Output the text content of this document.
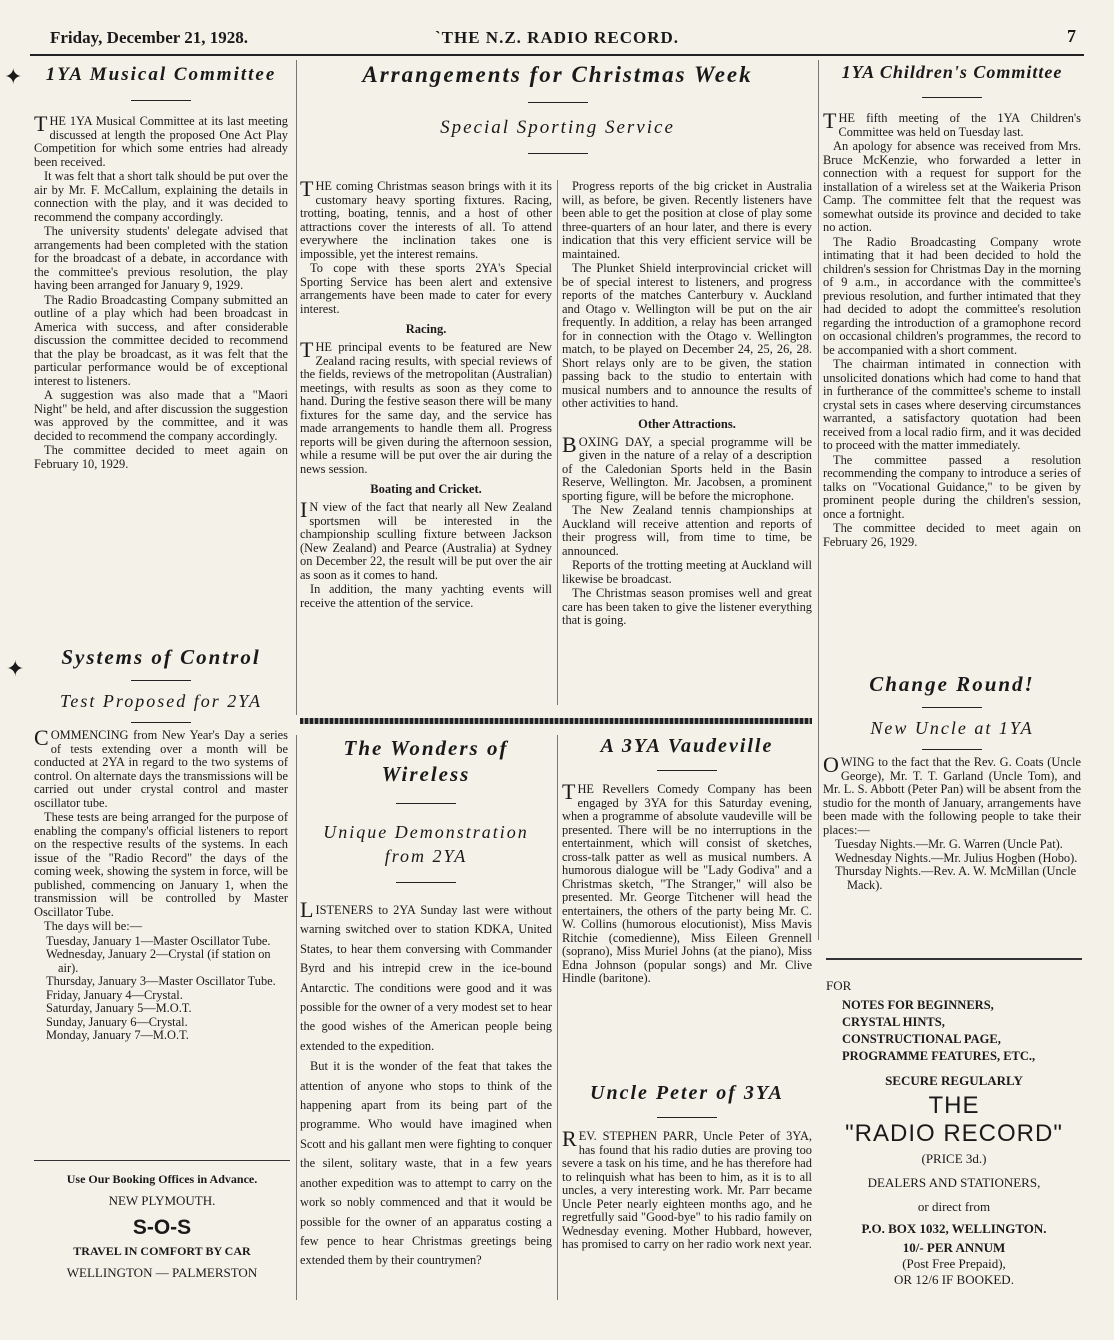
Friday, December 21, 1928.	`THE N.Z. RADIO RECORD.	7
✦
✦
1YA Musical Committee

THE 1YA Musical Committee at its last meeting discussed at length the proposed One Act Play Competition for which some entries had already been received.

It was felt that a short talk should be put over the air by Mr. F. McCallum, explaining the details in connection with the play, and it was decided to recommend the company accordingly.

The university students' delegate advised that arrangements had been completed with the station for the broadcast of a debate, in accordance with the committee's previous resolution, the play having been arranged for January 9, 1929.

The Radio Broadcasting Company submitted an outline of a play which had been broadcast in America with success, and after considerable discussion the committee decided to recommend that the play be broadcast, as it was felt that the particular performance would be of exceptional interest to listeners.

A suggestion was also made that a "Maori Night" be held, and after discussion the suggestion was approved by the committee, and it was decided to recommend the company accordingly.

The committee decided to meet again on February 10, 1929.

Systems of Control
Test Proposed for 2YA

COMMENCING from New Year's Day a series of tests extending over a month will be conducted at 2YA in regard to the two systems of control. On alternate days the transmissions will be carried out under crystal control and master oscillator tube.

These tests are being arranged for the purpose of enabling the company's official listeners to report on the respective results of the systems. In each issue of the "Radio Record" the days of the coming week, showing the system in force, will be published, commencing on January 1, when the transmission will be controlled by Master Oscillator Tube.

The days will be:—

Tuesday, January 1—Master Oscillator Tube.

Wednesday, January 2—Crystal (if station on air).

Thursday, January 3—Master Oscillator Tube.

Friday, January 4—Crystal.

Saturday, January 5—M.O.T.

Sunday, January 6—Crystal.

Monday, January 7—M.O.T.

Use Our Booking Offices in Advance.

NEW PLYMOUTH.

S-O-S

TRAVEL IN COMFORT BY CAR

WELLINGTON — PALMERSTON

Arrangements for Christmas Week
Special Sporting Service

THE coming Christmas season brings with it its customary heavy sporting fixtures. Racing, trotting, boating, tennis, and a host of other attractions cover the interests of all. To attend everywhere the inclination takes one is impossible, yet the interest remains.

To cope with these sports 2YA's Special Sporting Service has been alert and extensive arrangements have been made to cater for every interest.

Racing.

THE principal events to be featured are New Zealand racing results, with special reviews of the fields, reviews of the metropolitan (Australian) meetings, with results as soon as they come to hand. During the festive season there will be many fixtures for the same day, and the service has made arrangements to handle them all. Progress reports will be given during the afternoon session, while a resume will be put over the air during the news session.

Boating and Cricket.

IN view of the fact that nearly all New Zealand sportsmen will be interested in the championship sculling fixture between Jackson (New Zealand) and Pearce (Australia) at Sydney on December 22, the result will be put over the air as soon as it comes to hand.

In addition, the many yachting events will receive the attention of the service.

Progress reports of the big cricket in Australia will, as before, be given. Recently listeners have been able to get the position at close of play some three-quarters of an hour later, and there is every indication that this very efficient service will be maintained.

The Plunket Shield interprovincial cricket will be of special interest to listeners, and progress reports of the matches Canterbury v. Auckland and Otago v. Wellington will be put on the air frequently. In addition, a relay has been arranged for in connection with the Otago v. Wellington match, to be played on December 24, 25, 26, 28. Short relays only are to be given, the station passing back to the studio to entertain with musical numbers and to announce the results of other activities to hand.

Other Attractions.

BOXING DAY, a special programme will be given in the nature of a relay of a description of the Caledonian Sports held in the Basin Reserve, Wellington. Mr. Jacobsen, a prominent sporting figure, will be before the microphone.

The New Zealand tennis championships at Auckland will receive attention and reports of their progress will, from time to time, be announced.

Reports of the trotting meeting at Auckland will likewise be broadcast.

The Christmas season promises well and great care has been taken to give the listener everything that is going.

1YA Children's Committee

THE fifth meeting of the 1YA Children's Committee was held on Tuesday last.

An apology for absence was received from Mrs. Bruce McKenzie, who forwarded a letter in connection with a request for support for the installation of a wireless set at the Waikeria Prison Camp. The committee felt that the request was somewhat outside its province and decided to take no action.

The Radio Broadcasting Company wrote intimating that it had been decided to hold the children's session for Christmas Day in the morning of 9 a.m., in accordance with the committee's previous resolution, and further intimated that they had decided to adopt the committee's resolution regarding the introduction of a gramophone record on occasional children's programmes, the record to be accompanied with a short comment.

The chairman intimated in connection with unsolicited donations which had come to hand that in furtherance of the committee's scheme to install crystal sets in cases where deserving circumstances warranted, a satisfactory quotation had been received from a local radio firm, and it was decided to proceed with the matter immediately.

The committee passed a resolution recommending the company to introduce a series of talks on "Vocational Guidance," to be given by prominent people during the children's session, once a fortnight.

The committee decided to meet again on February 26, 1929.

Change Round!
New Uncle at 1YA

OWING to the fact that the Rev. G. Coats (Uncle George), Mr. T. T. Garland (Uncle Tom), and Mr. L. S. Abbott (Peter Pan) will be absent from the studio for the month of January, arrangements have been made with the following people to take their places:—

Tuesday Nights.—Mr. G. Warren (Uncle Pat).

Wednesday Nights.—Mr. Julius Hogben (Hobo).

Thursday Nights.—Rev. A. W. McMillan (Uncle Mack).

FOR

NOTES FOR BEGINNERS,

CRYSTAL HINTS,

CONSTRUCTIONAL PAGE,

PROGRAMME FEATURES, ETC.,

SECURE REGULARLY

THE

"RADIO RECORD"

(PRICE 3d.)

DEALERS AND STATIONERS,

or direct from

P.O. BOX 1032, WELLINGTON.

10/- PER ANNUM

(Post Free Prepaid),

OR 12/6 IF BOOKED.

The Wonders of Wireless
Unique Demonstration from 2YA

LISTENERS to 2YA Sunday last were without warning switched over to station KDKA, United States, to hear them conversing with Commander Byrd and his intrepid crew in the ice-bound Antarctic. The conditions were good and it was possible for the owner of a very modest set to hear the good wishes of the American people being extended to the expedition.

But it is the wonder of the feat that takes the attention of anyone who stops to think of the happening apart from its being part of the programme. Who would have imagined when Scott and his gallant men were fighting to conquer the silent, solitary waste, that in a few years another expedition was to attempt to carry on the work so nobly commenced and that it would be possible for the owner of an apparatus costing a few pence to hear Christmas greetings being extended them by their countrymen?

A 3YA Vaudeville

THE Revellers Comedy Company has been engaged by 3YA for this Saturday evening, when a programme of absolute vaudeville will be presented. There will be no interruptions in the entertainment, which will consist of sketches, cross-talk patter as well as musical numbers. A humorous dialogue will be "Lady Godiva" and a Christmas sketch, "The Stranger," will also be presented. Mr. George Titchener will head the entertainers, the others of the party being Mr. C. W. Collins (humorous elocutionist), Miss Mavis Ritchie (comedienne), Miss Eileen Grennell (soprano), Miss Muriel Johns (at the piano), Miss Edna Johnson (popular songs) and Mr. Clive Hindle (baritone).

Uncle Peter of 3YA

REV. STEPHEN PARR, Uncle Peter of 3YA, has found that his radio duties are proving too severe a task on his time, and he has therefore had to relinquish what has been to him, as it is to all uncles, a very interesting work. Mr. Parr became Uncle Peter nearly eighteen months ago, and he regretfully said "Good-bye" to his radio family on Wednesday evening. Mother Hubbard, however, has promised to carry on her radio work next year.
